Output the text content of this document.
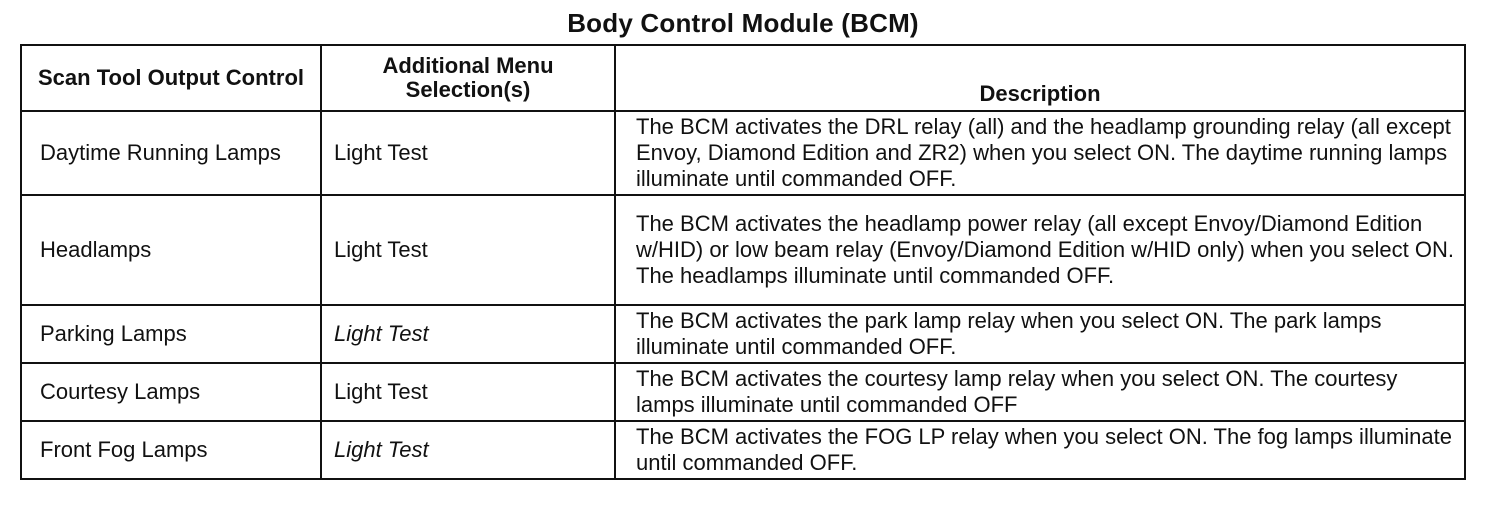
Body Control Module (BCM)
Scan Tool Output Control	Additional Menu Selection(s)	Description
Daytime Running Lamps	Light Test	The BCM activates the DRL relay (all) and the headlamp grounding relay (all except Envoy, Diamond Edition and ZR2) when you select ON. The daytime running lamps illuminate until commanded OFF.
Headlamps	Light Test	The BCM activates the headlamp power relay (all except Envoy/Diamond Edition w/HID) or low beam relay (Envoy/Diamond Edition w/HID only) when you select ON. The headlamps illuminate until commanded OFF.
Parking Lamps	Light Test	The BCM activates the park lamp relay when you select ON. The park lamps illuminate until commanded OFF.
Courtesy Lamps	Light Test	The BCM activates the courtesy lamp relay when you select ON. The courtesy lamps illuminate until commanded OFF
Front Fog Lamps	Light Test	The BCM activates the FOG LP relay when you select ON. The fog lamps illuminate until commanded OFF.
